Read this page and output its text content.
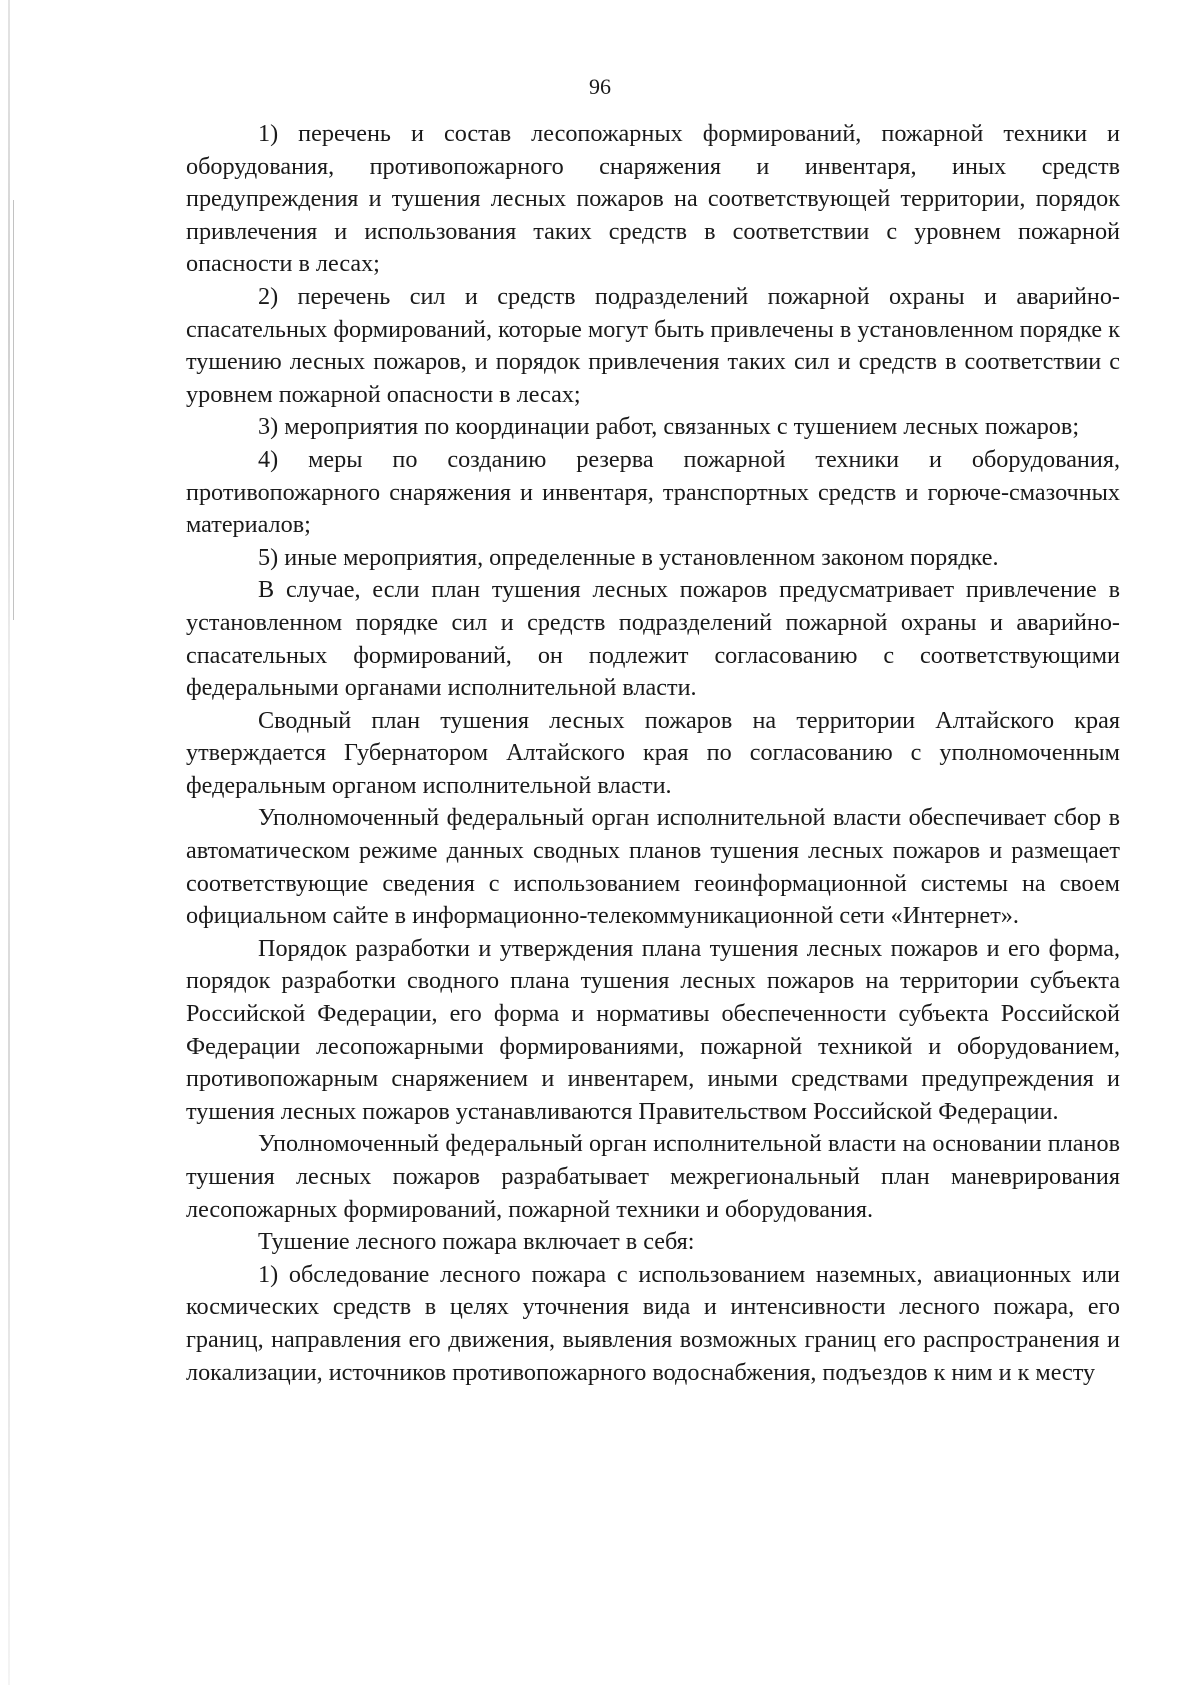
96

1) перечень и состав лесопожарных формирований, пожарной техники и оборудования, противопожарного снаряжения и инвентаря, иных средств предупреждения и тушения лесных пожаров на соответствующей территории, порядок привлечения и использования таких средств в соответствии с уровнем пожарной опасности в лесах;

2) перечень сил и средств подразделений пожарной охраны и аварийно-спасательных формирований, которые могут быть привлечены в установленном порядке к тушению лесных пожаров, и порядок привлечения таких сил и средств в соответствии с уровнем пожарной опасности в лесах;

3) мероприятия по координации работ, связанных с тушением лесных пожаров;

4) меры по созданию резерва пожарной техники и оборудования, противопожарного снаряжения и инвентаря, транспортных средств и горюче-смазочных материалов;

5) иные мероприятия, определенные в установленном законом порядке.

В случае, если план тушения лесных пожаров предусматривает привлечение в установленном порядке сил и средств подразделений пожарной охраны и аварийно-спасательных формирований, он подлежит согласованию с соответствующими федеральными органами исполнительной власти.

Сводный план тушения лесных пожаров на территории Алтайского края утверждается Губернатором Алтайского края по согласованию с уполномоченным федеральным органом исполнительной власти.

Уполномоченный федеральный орган исполнительной власти обеспечивает сбор в автоматическом режиме данных сводных планов тушения лесных пожаров и размещает соответствующие сведения с использованием геоинформационной системы на своем официальном сайте в информационно-телекоммуникационной сети «Интернет».

Порядок разработки и утверждения плана тушения лесных пожаров и его форма, порядок разработки сводного плана тушения лесных пожаров на территории субъекта Российской Федерации, его форма и нормативы обеспеченности субъекта Российской Федерации лесопожарными формированиями, пожарной техникой и оборудованием, противопожарным снаряжением и инвентарем, иными средствами предупреждения и тушения лесных пожаров устанавливаются Правительством Российской Федерации.

Уполномоченный федеральный орган исполнительной власти на основании планов тушения лесных пожаров разрабатывает межрегиональный план маневрирования лесопожарных формирований, пожарной техники и оборудования.

Тушение лесного пожара включает в себя:

1) обследование лесного пожара с использованием наземных, авиационных или космических средств в целях уточнения вида и интенсивности лесного пожара, его границ, направления его движения, выявления возможных границ его распространения и локализации, источников противопожарного водоснабжения, подъездов к ним и к месту
